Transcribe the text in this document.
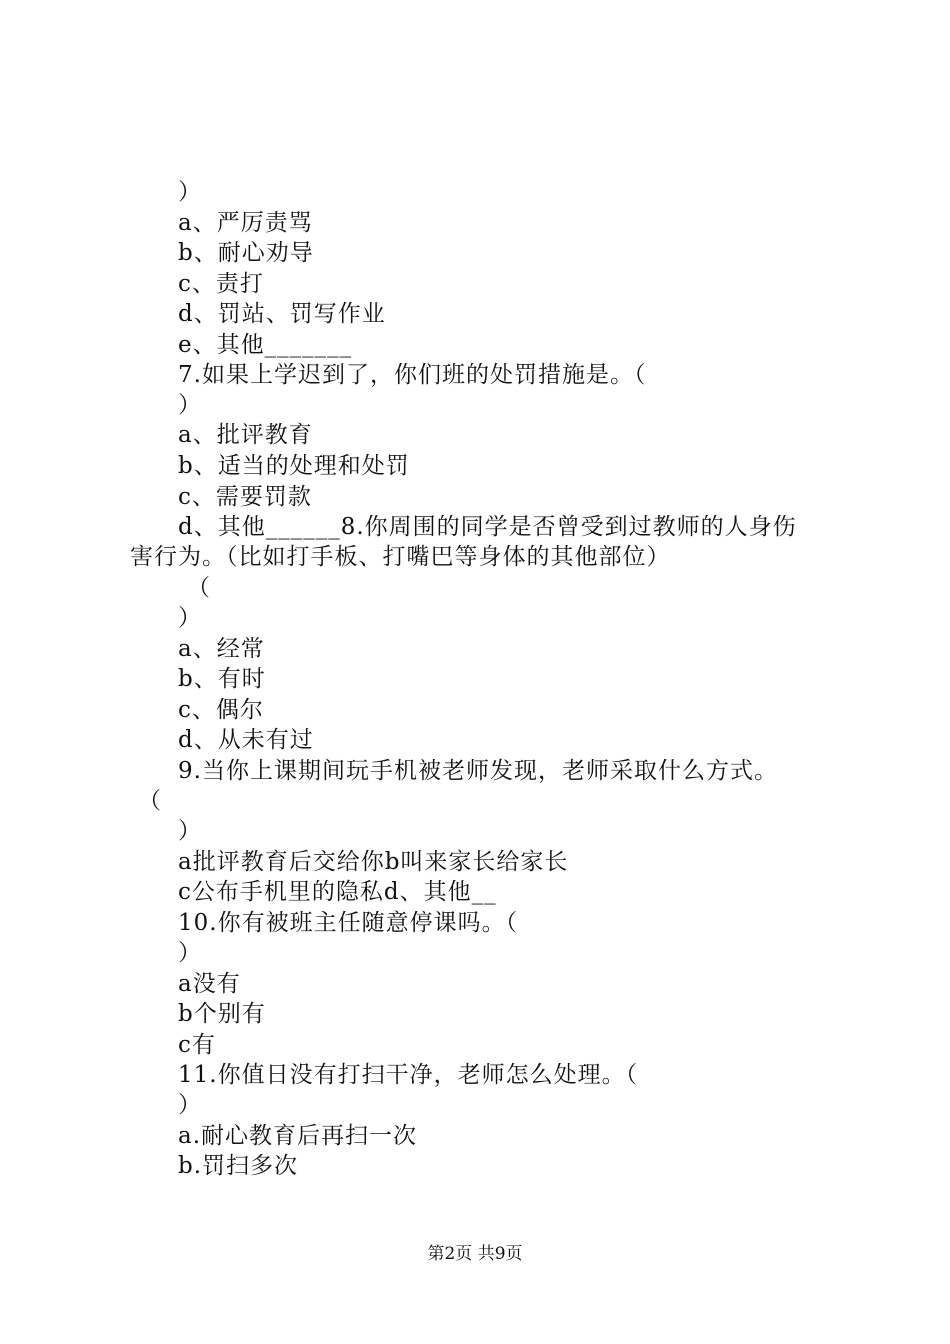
）
a、严厉责骂
b、耐心劝导
c、责打
d、罚站、罚写作业
e、其他_______
7.如果上学迟到了，你们班的处罚措施是。（
）
a、批评教育
b、适当的处理和处罚
c、需要罚款
d、其他______8.你周围的同学是否曾受到过教师的人身伤
害行为。（比如打手板、打嘴巴等身体的其他部位）
（
）
a、经常
b、有时
c、偶尔
d、从未有过
9.当你上课期间玩手机被老师发现，老师采取什么方式。
（
）
a批评教育后交给你b叫来家长给家长
c公布手机里的隐私d、其他__
10.你有被班主任随意停课吗。（
）
a没有
b个别有
c有
11.你值日没有打扫干净，老师怎么处理。（
）
a.耐心教育后再扫一次
b.罚扫多次
第2页 共9页
